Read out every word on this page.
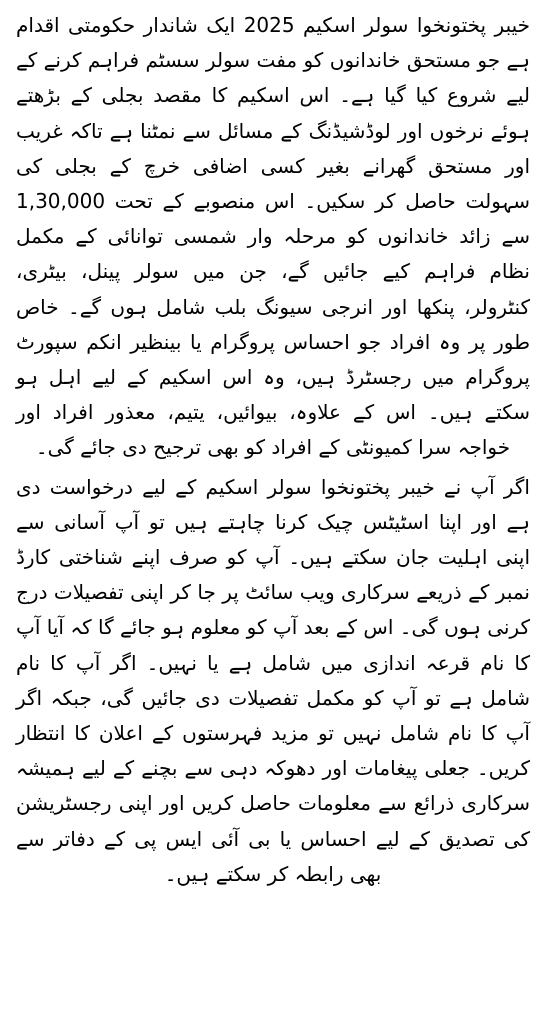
خیبر پختونخوا سولر اسکیم 2025 ایک شاندار حکومتی اقدام ہے جو مستحق خاندانوں کو مفت سولر سسٹم فراہم کرنے کے لیے شروع کیا گیا ہے۔ اس اسکیم کا مقصد بجلی کے بڑھتے ہوئے نرخوں اور لوڈشیڈنگ کے مسائل سے نمٹنا ہے تاکہ غریب اور مستحق گھرانے بغیر کسی اضافی خرچ کے بجلی کی سہولت حاصل کر سکیں۔ اس منصوبے کے تحت 1,30,000 سے زائد خاندانوں کو مرحلہ وار شمسی توانائی کے مکمل نظام فراہم کیے جائیں گے، جن میں سولر پینل، بیٹری، کنٹرولر، پنکھا اور انرجی سیونگ بلب شامل ہوں گے۔ خاص طور پر وہ افراد جو احساس پروگرام یا بینظیر انکم سپورٹ پروگرام میں رجسٹرڈ ہیں، وہ اس اسکیم کے لیے اہل ہو سکتے ہیں۔ اس کے علاوہ، بیوائیں، یتیم، معذور افراد اور خواجہ سرا کمیونٹی کے افراد کو بھی ترجیح دی جائے گی۔

اگر آپ نے خیبر پختونخوا سولر اسکیم کے لیے درخواست دی ہے اور اپنا اسٹیٹس چیک کرنا چاہتے ہیں تو آپ آسانی سے اپنی اہلیت جان سکتے ہیں۔ آپ کو صرف اپنے شناختی کارڈ نمبر کے ذریعے سرکاری ویب سائٹ پر جا کر اپنی تفصیلات درج کرنی ہوں گی۔ اس کے بعد آپ کو معلوم ہو جائے گا کہ آیا آپ کا نام قرعہ اندازی میں شامل ہے یا نہیں۔ اگر آپ کا نام شامل ہے تو آپ کو مکمل تفصیلات دی جائیں گی، جبکہ اگر آپ کا نام شامل نہیں تو مزید فہرستوں کے اعلان کا انتظار کریں۔ جعلی پیغامات اور دھوکہ دہی سے بچنے کے لیے ہمیشہ سرکاری ذرائع سے معلومات حاصل کریں اور اپنی رجسٹریشن کی تصدیق کے لیے احساس یا بی آئی ایس پی کے دفاتر سے بھی رابطہ کر سکتے ہیں۔
